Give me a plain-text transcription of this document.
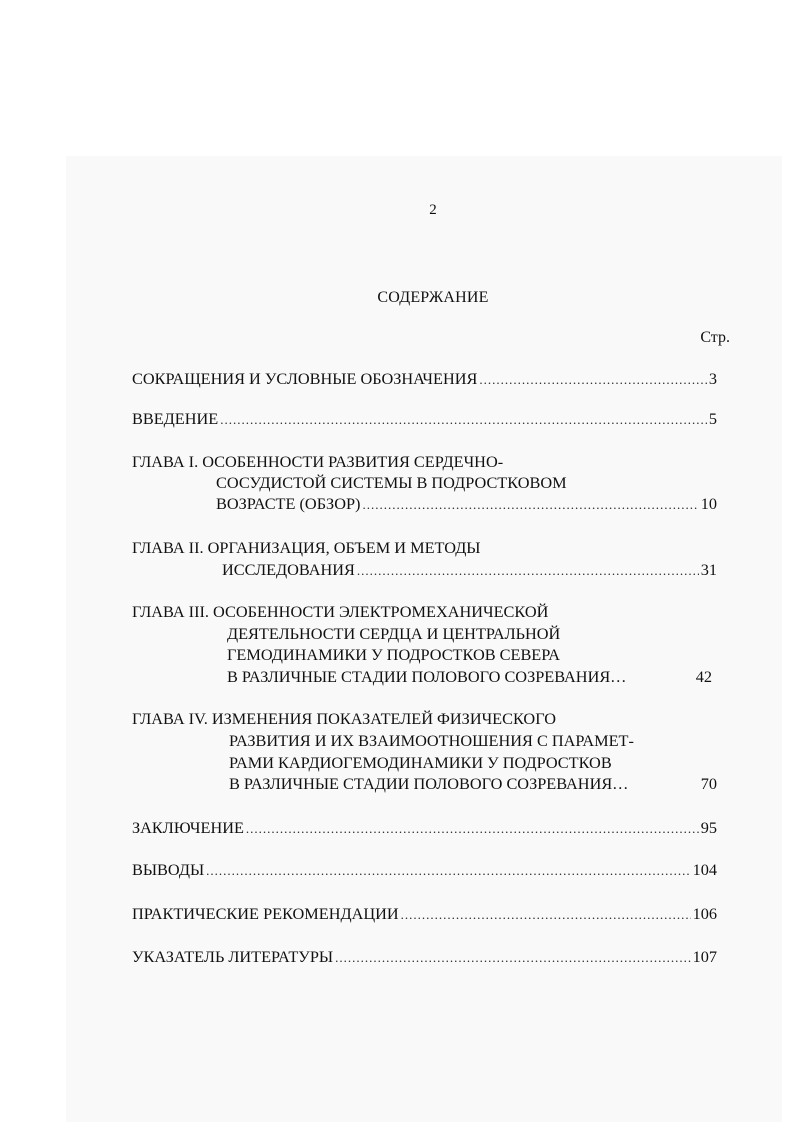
2
СОДЕРЖАНИЕ
Стр.
СОКРАЩЕНИЯ И УСЛОВНЫЕ ОБОЗНАЧЕНИЯ .....	3
ВВЕДЕНИЕ .....	5
ГЛАВА I. ОСОБЕННОСТИ РАЗВИТИЯ СЕРДЕЧНО-
СОСУДИСТОЙ СИСТЕМЫ В ПОДРОСТКОВОМ
ВОЗРАСТЕ (ОБЗОР) .....	10
ГЛАВА II. ОРГАНИЗАЦИЯ, ОБЪЕМ И МЕТОДЫ
ИССЛЕДОВАНИЯ .....	31
ГЛАВА III. ОСОБЕННОСТИ ЭЛЕКТРОМЕХАНИЧЕСКОЙ
ДЕЯТЕЛЬНОСТИ СЕРДЦА И ЦЕНТРАЛЬНОЙ
ГЕМОДИНАМИКИ У ПОДРОСТКОВ СЕВЕРА
В РАЗЛИЧНЫЕ СТАДИИ ПОЛОВОГО СОЗРЕВАНИЯ…	42
ГЛАВА IV. ИЗМЕНЕНИЯ ПОКАЗАТЕЛЕЙ ФИЗИЧЕСКОГО
РАЗВИТИЯ И ИХ ВЗАИМООТНОШЕНИЯ С ПАРАМЕТ-
РАМИ КАРДИОГЕМОДИНАМИКИ У ПОДРОСТКОВ
В РАЗЛИЧНЫЕ СТАДИИ ПОЛОВОГО СОЗРЕВАНИЯ…	70
ЗАКЛЮЧЕНИЕ .....	95
ВЫВОДЫ .....	104
ПРАКТИЧЕСКИЕ РЕКОМЕНДАЦИИ .....	106
УКАЗАТЕЛЬ ЛИТЕРАТУРЫ .....	107
